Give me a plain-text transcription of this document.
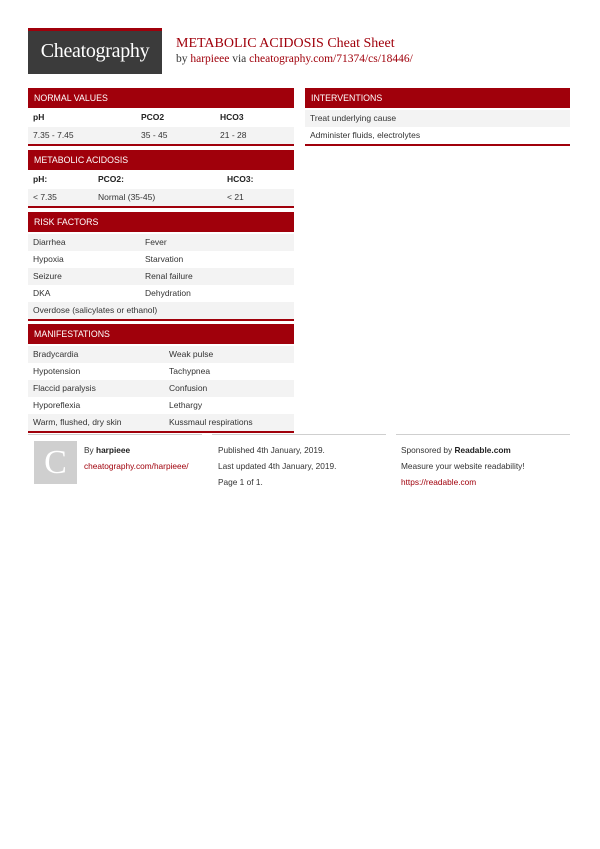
Cheatography	METABOLIC ACIDOSIS Cheat Sheet
by harpieee via cheatography.com/71374/cs/18446/
NORMAL VALUES
pH	PCO2	HCO3
7.35 - 7.45	35 - 45	21 - 28
METABOLIC ACIDOSIS
pH:	PCO2:	HCO3:
< 7.35	Normal (35-45)	< 21
RISK FACTORS
Diarrhea	Fever
Hypoxia	Starvation
Seizure	Renal failure
DKA	Dehydration
Overdose (salicylates or ethanol)
MANIFESTATIONS
Bradycardia	Weak pulse
Hypotension	Tachypnea
Flaccid paralysis	Confusion
Hyporeflexia	Lethargy
Warm, flushed, dry skin	Kussmaul respirations
INTERVENTIONS
Treat underlying cause
Administer fluids, electrolytes
C	By harpieee
cheatography.com/harpieee/
Published 4th January, 2019.
Last updated 4th January, 2019.
Page 1 of 1.
Sponsored by Readable.com
Measure your website readability!
https://readable.com
